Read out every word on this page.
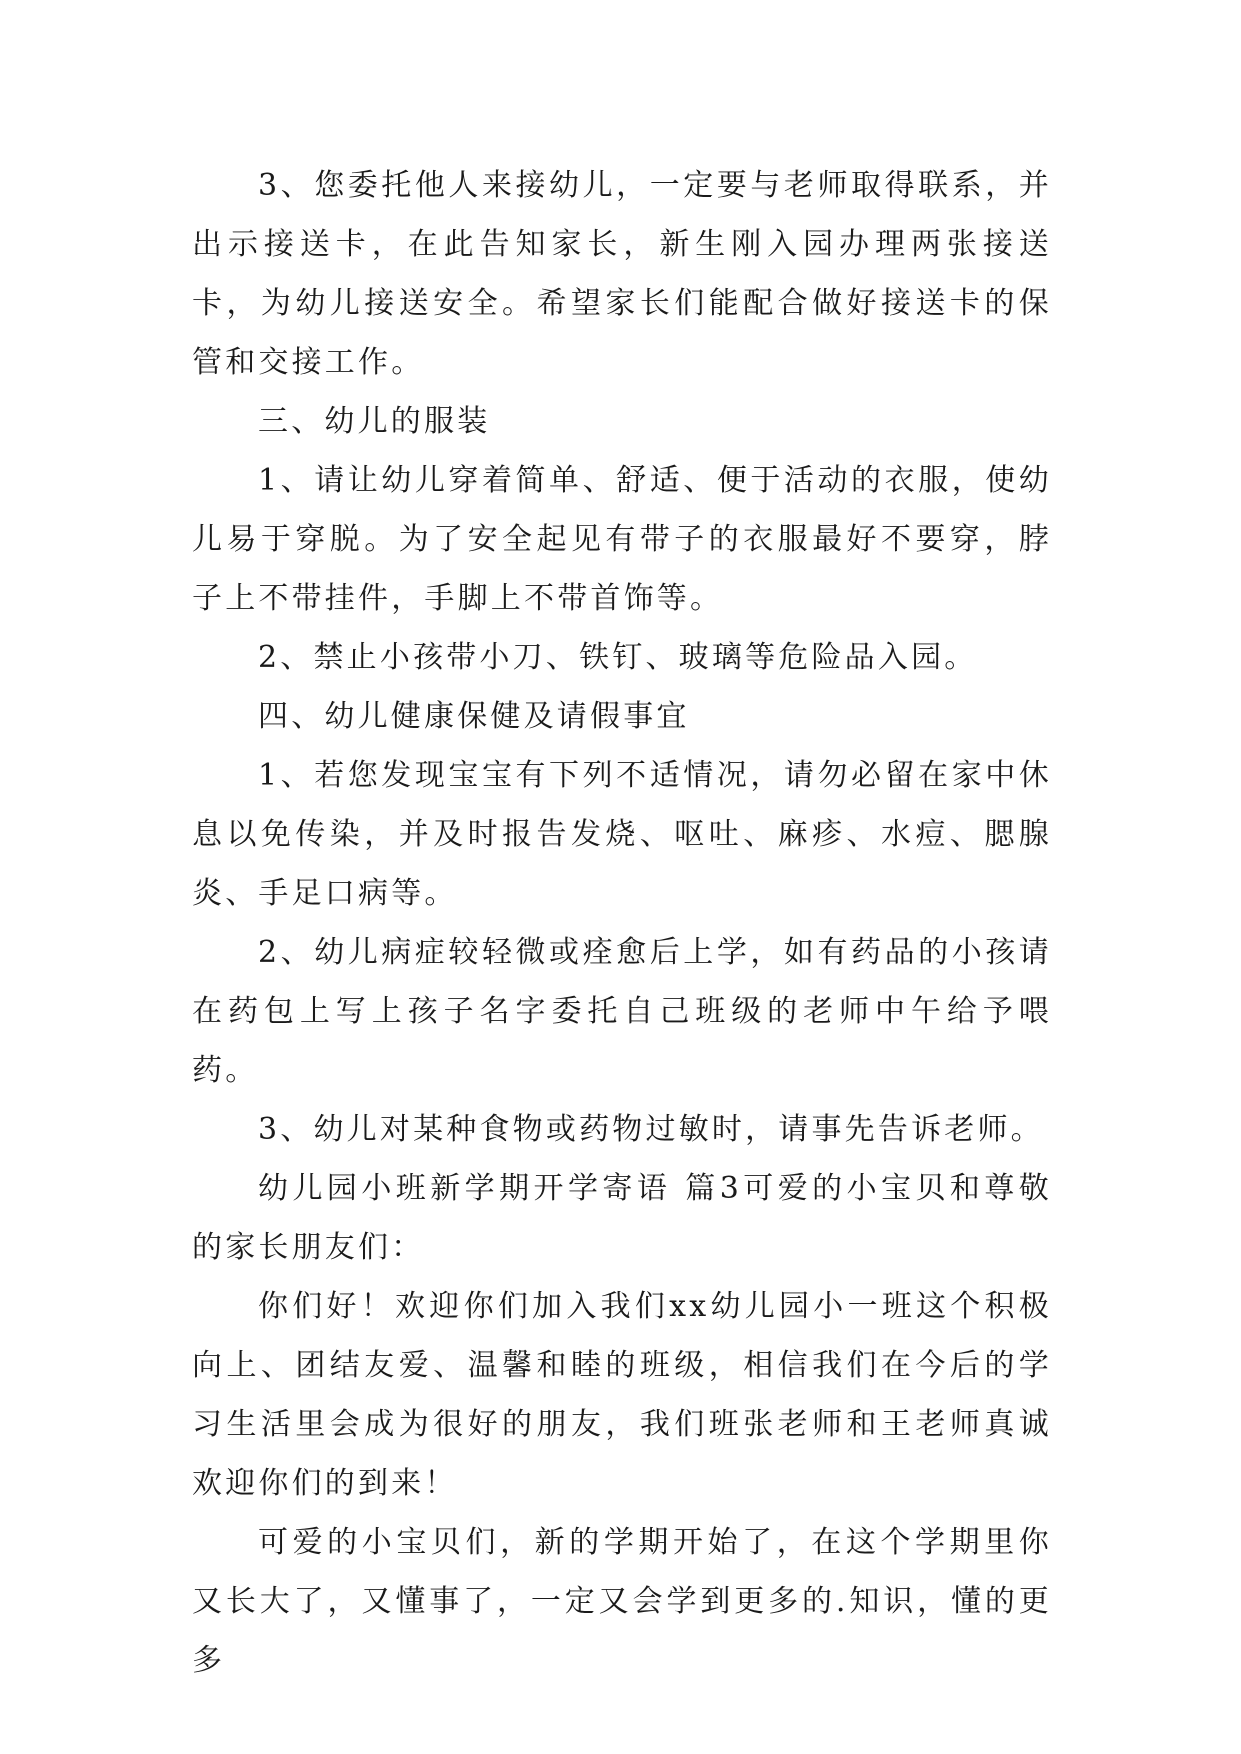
3、您委托他人来接幼儿，一定要与老师取得联系，并出示接送卡，在此告知家长，新生刚入园办理两张接送卡，为幼儿接送安全。希望家长们能配合做好接送卡的保管和交接工作。

三、幼儿的服装

1、请让幼儿穿着简单、舒适、便于活动的衣服，使幼儿易于穿脱。为了安全起见有带子的衣服最好不要穿，脖子上不带挂件，手脚上不带首饰等。

2、禁止小孩带小刀、铁钉、玻璃等危险品入园。

四、幼儿健康保健及请假事宜

1、若您发现宝宝有下列不适情况，请勿必留在家中休息以免传染，并及时报告发烧、呕吐、麻疹、水痘、腮腺炎、手足口病等。

2、幼儿病症较轻微或痊愈后上学，如有药品的小孩请在药包上写上孩子名字委托自己班级的老师中午给予喂药。

3、幼儿对某种食物或药物过敏时，请事先告诉老师。

幼儿园小班新学期开学寄语 篇3可爱的小宝贝和尊敬的家长朋友们：

你们好！欢迎你们加入我们xx幼儿园小一班这个积极向上、团结友爱、温馨和睦的班级，相信我们在今后的学习生活里会成为很好的朋友，我们班张老师和王老师真诚欢迎你们的到来！

可爱的小宝贝们，新的学期开始了，在这个学期里你又长大了，又懂事了，一定又会学到更多的.知识，懂的更多
